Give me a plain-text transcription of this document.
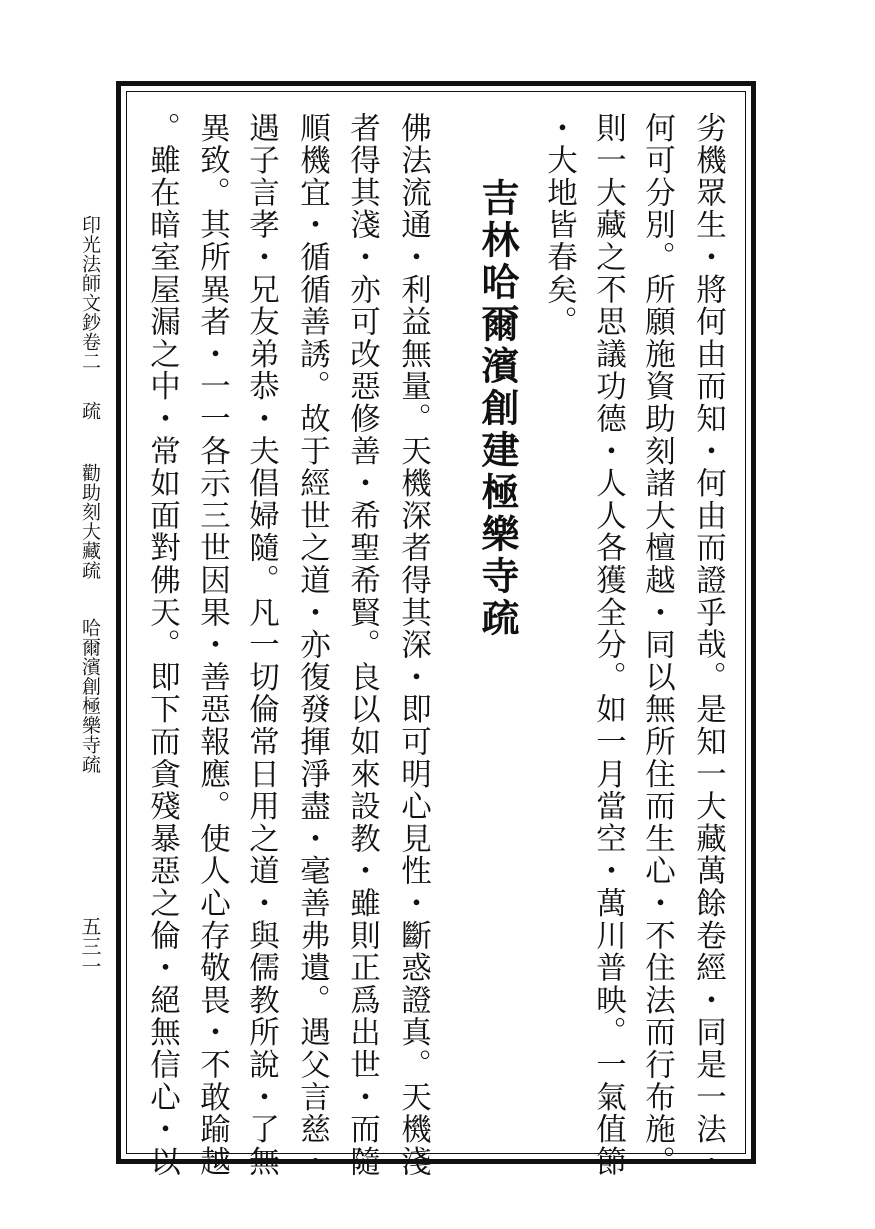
劣機眾生・將何由而知・何由而證乎哉。是知一大藏萬餘卷經・同是一法・
何可分別。所願施資助刻諸大檀越・同以無所住而生心・不住法而行布施。
則一大藏之不思議功德・人人各獲全分。如一月當空・萬川普映。一氣值節
・大地皆春矣。
吉林哈爾濱創建極樂寺疏
佛法流通・利益無量。天機深者得其深・即可明心見性・斷惑證真。天機淺
者得其淺・亦可改惡修善・希聖希賢。良以如來設教・雖則正爲出世・而隨
順機宜・循循善誘。故于經世之道・亦復發揮淨盡・毫善弗遺。遇父言慈・
遇子言孝・兄友弟恭・夫倡婦隨。凡一切倫常日用之道・與儒教所說・了無
異致。其所異者・一一各示三世因果・善惡報應。使人心存敬畏・不敢踰越
。雖在暗室屋漏之中・常如面對佛天。即下而貪殘暴惡之倫・絕無信心・以
印光法師文鈔卷二疏勸助刻大藏疏哈爾濱創極樂寺疏
五三一
